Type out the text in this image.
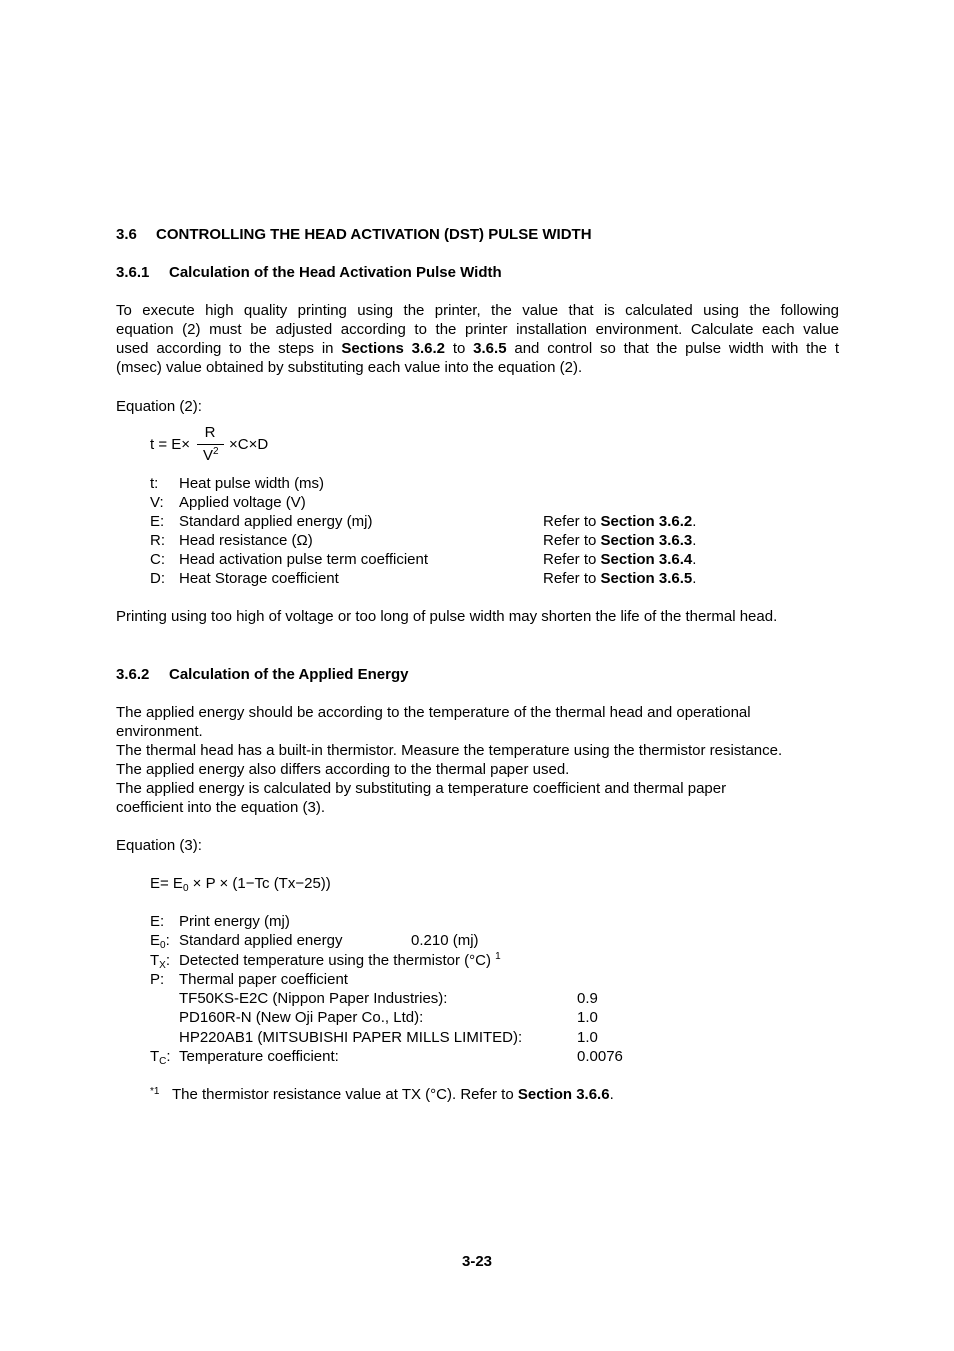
3.6 CONTROLLING THE HEAD ACTIVATION (DST) PULSE WIDTH
3.6.1 Calculation of the Head Activation Pulse Width
To execute high quality printing using the printer, the value that is calculated using the following
equation (2) must be adjusted according to the printer installation environment. Calculate each value
used according to the steps in Sections 3.6.2 to 3.6.5 and control so that the pulse width with the t
(msec) value obtained by substituting each value into the equation (2).
Equation (2):
t = E×
R
$V^2 \times C\times D$
t: Heat pulse width (ms)
V: Applied voltage (V)
E: Standard applied energy (mj)	Refer to Section 3.6.2.
R: Head resistance (Ω)	Refer to Section 3.6.3.
C: Head activation pulse term coefficient	Refer to Section 3.6.4.
D: Heat Storage coefficient	Refer to Section 3.6.5.
Printing using too high of voltage or too long of pulse width may shorten the life of the thermal head.
3.6.2 Calculation of the Applied Energy
The applied energy should be according to the temperature of the thermal head and operational
environment.
The thermal head has a built-in thermistor. Measure the temperature using the thermistor resistance.
The applied energy also differs according to the thermal paper used.
The applied energy is calculated by substituting a temperature coefficient and thermal paper
coefficient into the equation (3).
Equation (3):
$E= E_0 \times P \times (1-Tc$ (Tx−25))
E: Print energy (mj)
$E_0$: Standard applied energy	0.210 (mj)
$T_X$: Detected temperature using the thermistor (°C) $^1$
P: Thermal paper coefficient
TF50KS-E2C (Nippon Paper Industries):	0.9
PD160R-N (New Oji Paper Co., Ltd):	1.0
HP220AB1 (MITSUBISHI PAPER MILLS LIMITED):	1.0
$T_C$: Temperature coefficient:	0.0076
*1 The thermistor resistance value at TX (°C). Refer to Section 3.6.6.
3-23
